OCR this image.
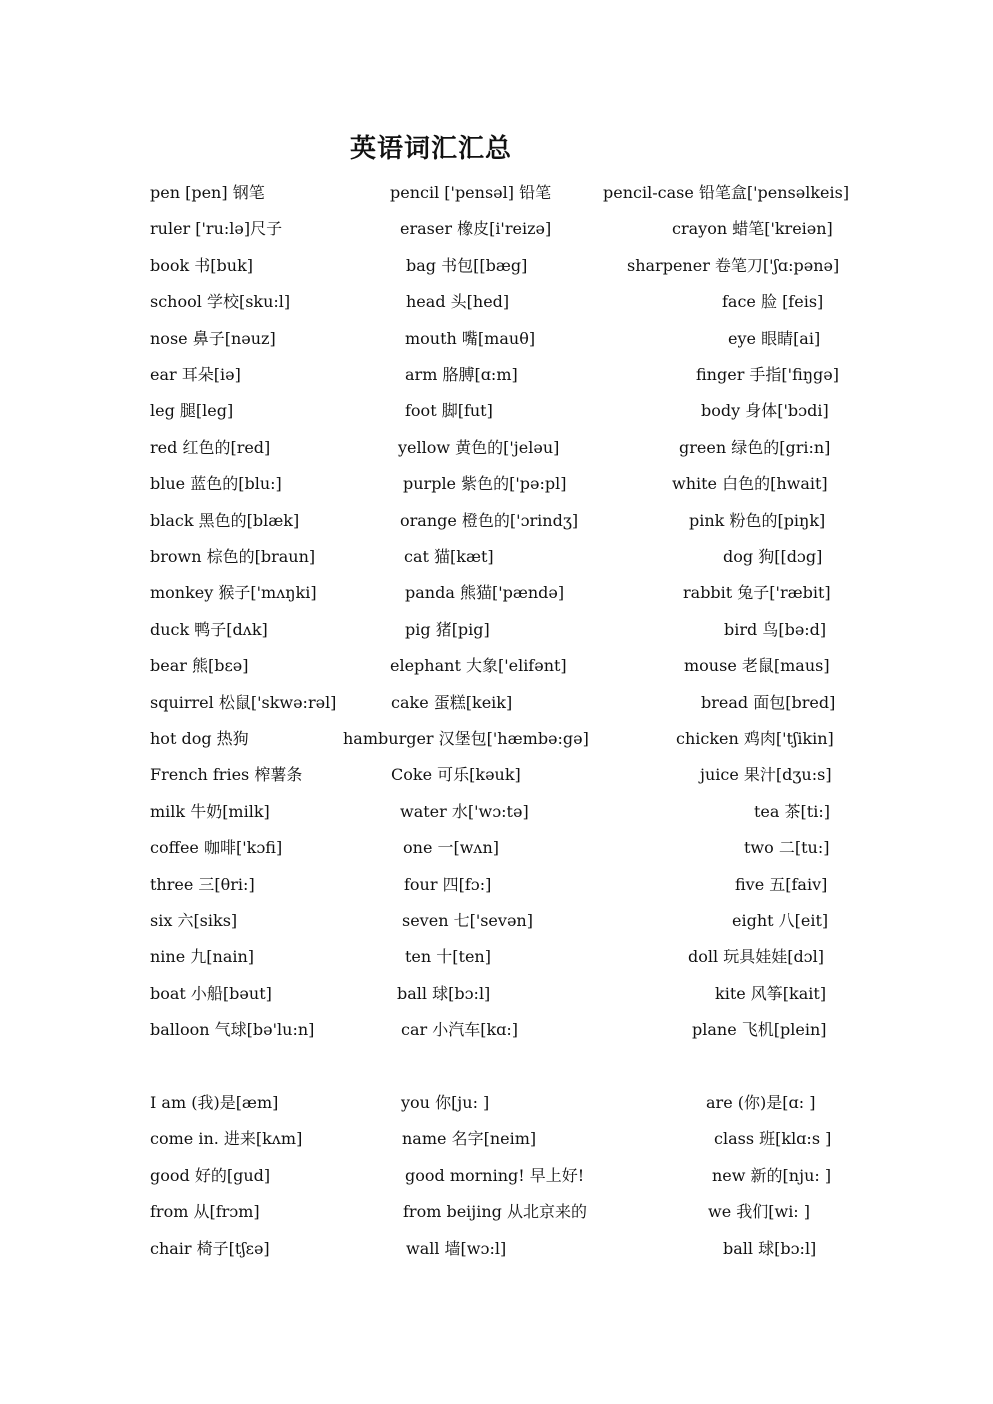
英语词汇汇总
pen [pen] 钢笔	pencil ['pensəl] 铅笔	pencil-case 铅笔盒['pensəlkeis]
ruler ['ru:lə]尺子	eraser 橡皮[i'reizə]	crayon 蜡笔['kreiən]
book 书[buk]	bag 书包[[bæg]	sharpener 卷笔刀['ʃɑ:pənə]
school 学校[sku:l]	head 头[hed]	face 脸 [feis]
nose 鼻子[nəuz]	mouth 嘴[mauθ]	eye 眼睛[ai]
ear 耳朵[iə]	arm 胳膊[ɑ:m]	finger 手指['fiŋgə]
leg 腿[leg]	foot 脚[fut]	body 身体['bɔdi]
red 红色的[red]	yellow 黄色的['jeləu]	green 绿色的[gri:n]
blue 蓝色的[blu:]	purple 紫色的['pə:pl]	white 白色的[hwait]
black 黑色的[blæk]	orange 橙色的['ɔrindʒ]	pink 粉色的[piŋk]
brown 棕色的[braun]	cat 猫[kæt]	dog 狗[[dɔg]
monkey 猴子['mʌŋki]	panda 熊猫['pændə]	rabbit 兔子['ræbit]
duck 鸭子[dʌk]	pig 猪[pig]	bird 鸟[bə:d]
bear 熊[bεə]	elephant 大象['elifənt]	mouse 老鼠[maus]
squirrel 松鼠['skwə:rəl]	cake 蛋糕[keik]	bread 面包[bred]
hot dog 热狗	hamburger 汉堡包['hæmbə:gə]	chicken 鸡肉['tʃikin]
French fries 榨薯条	Coke 可乐[kəuk]	juice 果汁[dʒu:s]
milk 牛奶[milk]	water 水['wɔ:tə]	tea 茶[ti:]
coffee 咖啡['kɔfi]	one 一[wʌn]	two 二[tu:]
three 三[θri:]	four 四[fɔ:]	five 五[faiv]
six 六[siks]	seven 七['sevən]	eight 八[eit]
nine 九[nain]	ten 十[ten]	doll 玩具娃娃[dɔl]
boat 小船[bəut]	ball 球[bɔ:l]	kite 风筝[kait]
balloon 气球[bə'lu:n]	car 小汽车[kɑ:]	plane 飞机[plein]
I am (我)是[æm]	you 你[ju: ]	are (你)是[ɑ: ]
come in. 进来[kʌm]	name 名字[neim]	class 班[klɑ:s ]
good 好的[gud]	good morning! 早上好!	new 新的[nju: ]
from 从[frɔm]	from beijing 从北京来的	we 我们[wi: ]
chair 椅子[tʃεə]	wall 墙[wɔ:l]	ball 球[bɔ:l]
